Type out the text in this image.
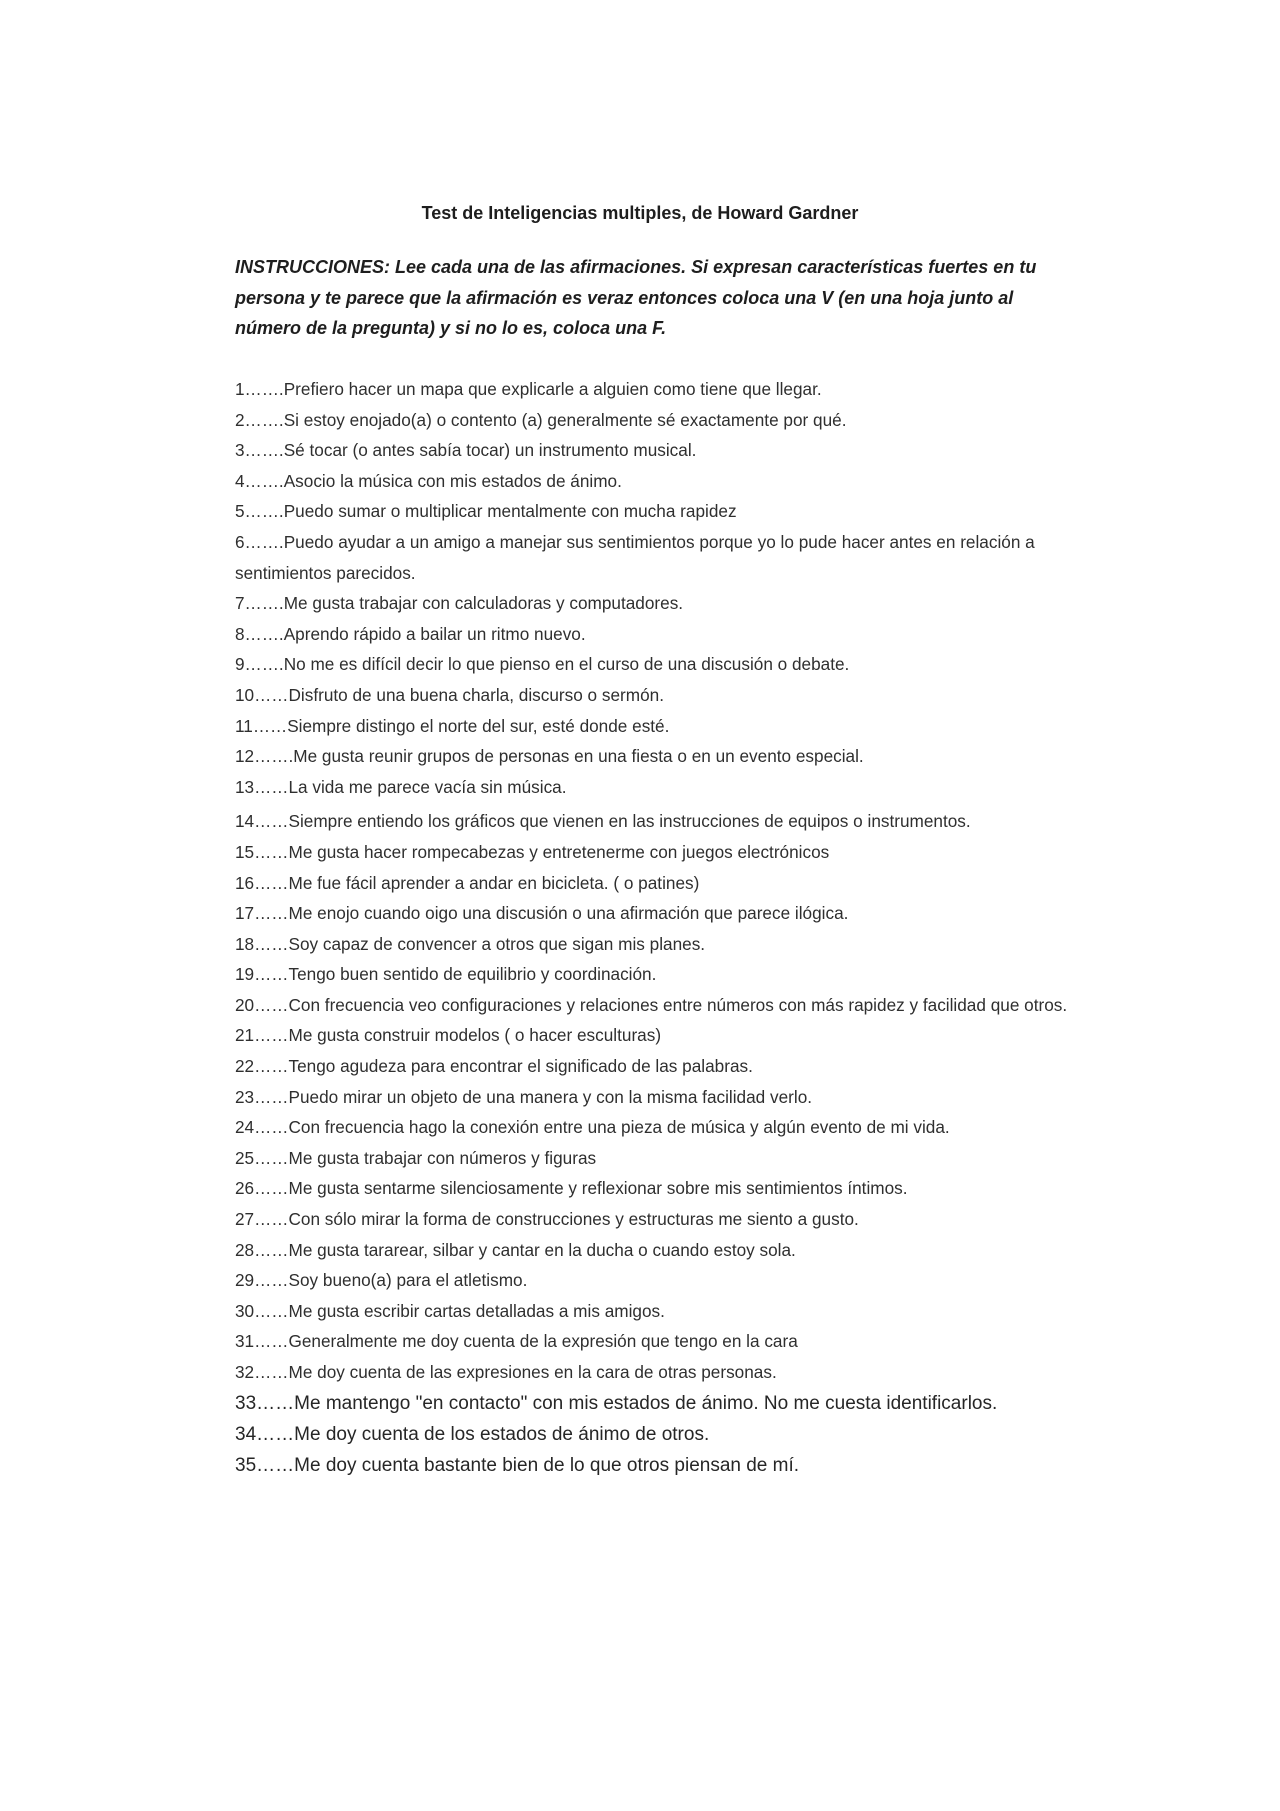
Test de Inteligencias multiples, de Howard Gardner

INSTRUCCIONES: Lee cada una de las afirmaciones. Si expresan características fuertes en tu persona y te parece que la afirmación es veraz entonces coloca una V (en una hoja junto al número de la pregunta) y si no lo es, coloca una F.

1…….Prefiero hacer un mapa que explicarle a alguien como tiene que llegar.
2…….Si estoy enojado(a) o contento (a) generalmente sé exactamente por qué.
3…….Sé tocar (o antes sabía tocar) un instrumento musical.
4…….Asocio la música con mis estados de ánimo.
5…….Puedo sumar o multiplicar mentalmente con mucha rapidez
6…….Puedo ayudar a un amigo a manejar sus sentimientos porque yo lo pude hacer antes en relación a sentimientos parecidos.
7…….Me gusta trabajar con calculadoras y computadores.
8…….Aprendo rápido a bailar un ritmo nuevo.
9…….No me es difícil decir lo que pienso en el curso de una discusión o debate.
10……Disfruto de una buena charla, discurso o sermón.
11……Siempre distingo el norte del sur, esté donde esté.
12…….Me gusta reunir grupos de personas en una fiesta o en un evento especial.
13……La vida me parece vacía sin música.
14……Siempre entiendo los gráficos que vienen en las instrucciones de equipos o instrumentos.
15……Me gusta hacer rompecabezas y entretenerme con juegos electrónicos
16……Me fue fácil aprender a andar en bicicleta. ( o patines)
17……Me enojo cuando oigo una discusión o una afirmación que parece ilógica.
18……Soy capaz de convencer a otros que sigan mis planes.
19……Tengo buen sentido de equilibrio y coordinación.
20……Con frecuencia veo configuraciones y relaciones entre números con más rapidez y facilidad que otros.
21……Me gusta construir modelos ( o hacer esculturas)
22……Tengo agudeza para encontrar el significado de las palabras.
23……Puedo mirar un objeto de una manera y con la misma facilidad verlo.
24……Con frecuencia hago la conexión entre una pieza de música y algún evento de mi vida.
25……Me gusta trabajar con números y figuras
26……Me gusta sentarme silenciosamente y reflexionar sobre mis sentimientos íntimos.
27……Con sólo mirar la forma de construcciones y estructuras me siento a gusto.
28……Me gusta tararear, silbar y cantar en la ducha o cuando estoy sola.
29……Soy bueno(a) para el atletismo.
30……Me gusta escribir cartas detalladas a mis amigos.
31……Generalmente me doy cuenta de la expresión que tengo en la cara
32……Me doy cuenta de las expresiones en la cara de otras personas.
33……Me mantengo "en contacto" con mis estados de ánimo. No me cuesta identificarlos.
34……Me doy cuenta de los estados de ánimo de otros.
35……Me doy cuenta bastante bien de lo que otros piensan de mí.
